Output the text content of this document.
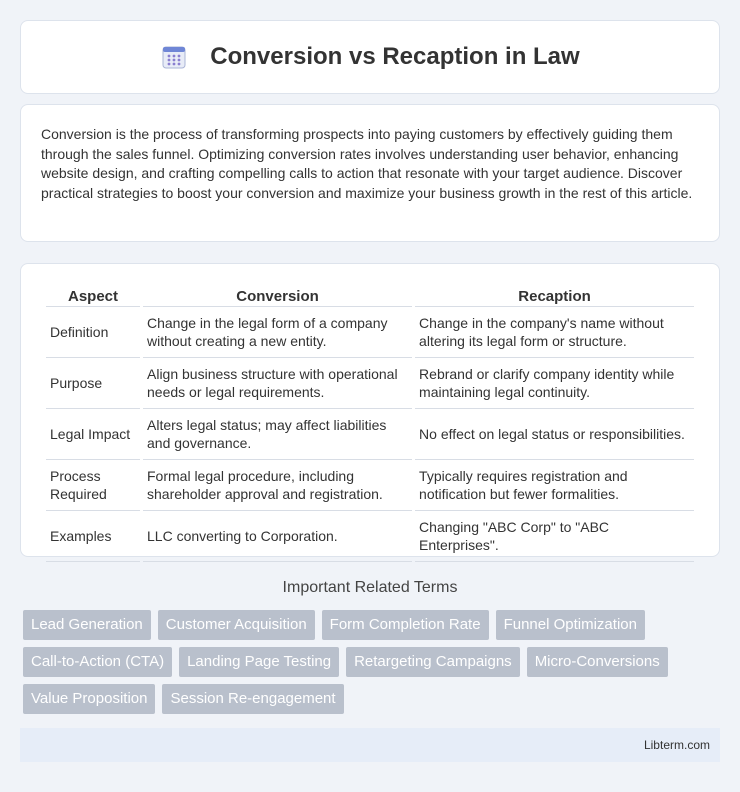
Conversion vs Recaption in Law

Conversion is the process of transforming prospects into paying customers by effectively guiding them through the sales funnel. Optimizing conversion rates involves understanding user behavior, enhancing website design, and crafting compelling calls to action that resonate with your target audience. Discover practical strategies to boost your conversion and maximize your business growth in the rest of this article.

Aspect	Conversion	Recaption
Definition	Change in the legal form of a company without creating a new entity.	Change in the company's name without altering its legal form or structure.
Purpose	Align business structure with operational needs or legal requirements.	Rebrand or clarify company identity while maintaining legal continuity.
Legal Impact	Alters legal status; may affect liabilities and governance.	No effect on legal status or responsibilities.
Process Required	Formal legal procedure, including shareholder approval and registration.	Typically requires registration and notification but fewer formalities.
Examples	LLC converting to Corporation.	Changing "ABC Corp" to "ABC Enterprises".
Important Related Terms
Lead Generation	Customer Acquisition	Form Completion Rate	Funnel Optimization
Call-to-Action (CTA)	Landing Page Testing	Retargeting Campaigns	Micro-Conversions
Value Proposition	Session Re-engagement
Libterm.com
